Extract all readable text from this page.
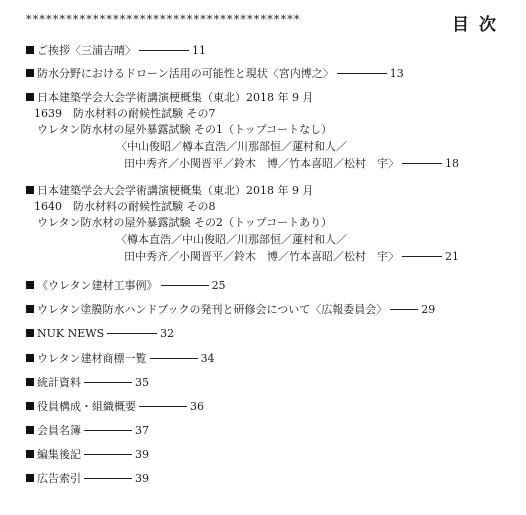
*****************************************	目次
ご挨拶〈三浦吉晴〉	11
防水分野におけるドローン活用の可能性と現状〈宮内博之〉	13
日本建築学会大会学術講演梗概集（東北）2018 年 9 月
1639　防水材料の耐候性試験 その7
ウレタン防水材の屋外暴露試験 その1（トップコートなし）
〈中山俊昭／樽本直浩／川那部恒／蓮村和人／
田中秀齐／小関晋平／鈴木　博／竹本喜昭／松村　宇〉	18
日本建築学会大会学術講演梗概集（東北）2018 年 9 月
1640　防水材料の耐候性試験 その8
ウレタン防水材の屋外暴露試験 その2（トップコートあり）
〈樽本直浩／中山俊昭／川那部恒／蓮村和人／
田中秀齐／小関晋平／鈴木　博／竹本喜昭／松村　宇〉	21
《ウレタン建材工事例》	25
ウレタン塗膜防水ハンドブックの発刊と研修会について〈広報委員会〉	29
NUK NEWS	32
ウレタン建材商標一覧	34
統計資料	35
役員構成・組織概要	36
会員名簿	37
編集後記	39
広告索引	39
